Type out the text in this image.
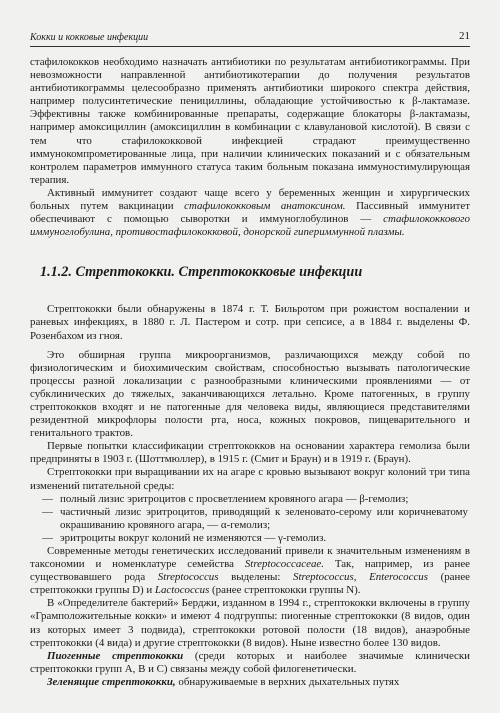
Кокки и кокковые инфекции	21

стафилококков необходимо назначать антибиотики по результатам антибиотикограммы. При невозможности направленной антибиотикотерапии до получения результатов антибиотикограммы целесообразно применять антибиотики широкого спектра действия, например полусинтетические пенициллины, обладающие устойчивостью к β-лактамазе. Эффективны также комбинированные препараты, содержащие блокаторы β-лактамазы, например амоксициллин (амоксициллин в комбинации с клавулановой кислотой). В связи с тем что стафилококковой инфекцией страдают преимущественно иммунокомпрометированные лица, при наличии клинических показаний и с обязательным контролем параметров иммунного статуса таким больным показана иммуностимулирующая терапия.

Активный иммунитет создают чаще всего у беременных женщин и хирургических больных путем вакцинации стафилококковым анатоксином. Пассивный иммунитет обеспечивают с помощью сыворотки и иммуноглобулинов — стафилококкового иммуноглобулина, противостафилококковой, донорской гипериммунной плазмы.

1.1.2. Стрептококки. Стрептококковые инфекции

Стрептококки были обнаружены в 1874 г. Т. Бильротом при рожистом воспалении и раневых инфекциях, в 1880 г. Л. Пастером и сотр. при сепсисе, а в 1884 г. выделены Ф. Розенбахом из гноя.

Это обширная группа микроорганизмов, различающихся между собой по физиологическим и биохимическим свойствам, способностью вызывать патологические процессы разной локализации с разнообразными клиническими проявлениями — от субклинических до тяжелых, заканчивающихся летально. Кроме патогенных, в группу стрептококков входят и не патогенные для человека виды, являющиеся представителями резидентной микрофлоры полости рта, носа, кожных покровов, пищеварительного и генитального трактов.

Первые попытки классификации стрептококков на основании характера гемолиза были предприняты в 1903 г. (Шоттмюллер), в 1915 г. (Смит и Браун) и в 1919 г. (Браун).

Стрептококки при выращивании их на агаре с кровью вызывают вокруг колоний три типа изменений питательной среды:

— полный лизис эритроцитов с просветлением кровяного агара — β-гемолиз;
— частичный лизис эритроцитов, приводящий к зеленовато-серому или коричневатому окрашиванию кровяного агара, — α-гемолиз;
— эритроциты вокруг колоний не изменяются — γ-гемолиз.

Современные методы генетических исследований привели к значительным изменениям в таксономии и номенклатуре семейства Streptococcaceae. Так, например, из ранее существовавшего рода Streptococcus выделены: Streptococcus, Enterococcus (ранее стрептококки группы D) и Lactococcus (ранее стрептококки группы N).

В «Определителе бактерий» Берджи, изданном в 1994 г., стрептококки включены в группу «Грамположительные кокки» и имеют 4 подгруппы: пиогенные стрептококки (8 видов, один из которых имеет 3 подвида), стрептококки ротовой полости (18 видов), анаэробные стрептококки (4 вида) и другие стрептококки (8 видов). Ныне известно более 130 видов.

Пиогенные стрептококки (среди которых и наиболее значимые клинически стрептококки групп А, В и С) связаны между собой филогенетически.

Зеленящие стрептококки, обнаруживаемые в верхних дыхательных путях
